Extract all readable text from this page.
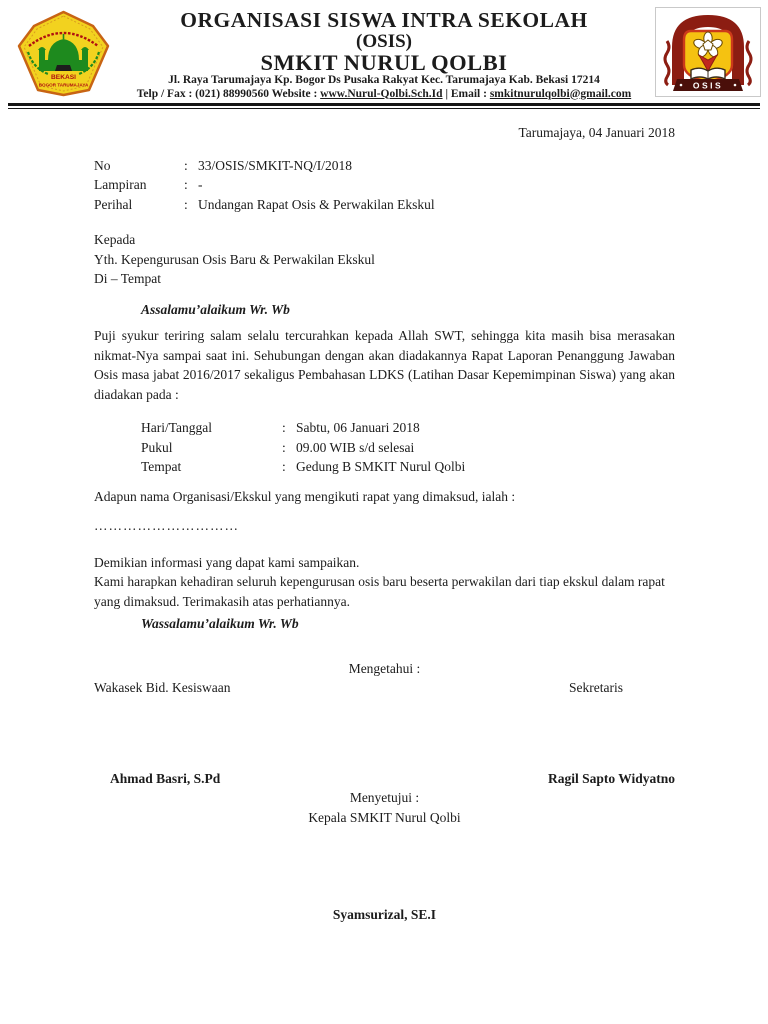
BEKASI
BOGOR TARUMAJAYA	OSIS
ORGANISASI SISWA INTRA SEKOLAH
(OSIS)
SMKIT NURUL QOLBI
Jl. Raya Tarumajaya Kp. Bogor Ds Pusaka Rakyat Kec. Tarumajaya Kab. Bekasi 17214
Telp / Fax : (021) 88990560 Website : www.Nurul-Qolbi.Sch.Id | Email : smkitnurulqolbi@gmail.com
Tarumajaya, 04 Januari 2018
No	: 33/OSIS/SMKIT-NQ/I/2018
Lampiran	: -
Perihal	: Undangan Rapat Osis & Perwakilan Ekskul
Kepada
Yth. Kepengurusan Osis Baru & Perwakilan Ekskul
Di – Tempat
Assalamu’alaikum Wr. Wb
Puji syukur teriring salam selalu tercurahkan kepada Allah SWT, sehingga kita masih bisa merasakan nikmat-Nya sampai saat ini. Sehubungan dengan akan diadakannya Rapat Laporan Penanggung Jawaban Osis masa jabat 2016/2017 sekaligus Pembahasan LDKS (Latihan Dasar Kepemimpinan Siswa) yang akan diadakan pada :
Hari/Tanggal	: Sabtu, 06 Januari 2018
Pukul	: 09.00 WIB s/d selesai
Tempat	: Gedung B SMKIT Nurul Qolbi
Adapun nama Organisasi/Ekskul yang mengikuti rapat yang dimaksud, ialah :
…………………………
Demikian informasi yang dapat kami sampaikan.
Kami harapkan kehadiran seluruh kepengurusan osis baru beserta perwakilan dari tiap ekskul dalam rapat yang dimaksud. Terimakasih atas perhatiannya.
Wassalamu’alaikum Wr. Wb
Mengetahui :
Wakasek Bid. Kesiswaan	Sekretaris
Ahmad Basri, S.Pd	Ragil Sapto Widyatno
Menyetujui :
Kepala SMKIT Nurul Qolbi
Syamsurizal, SE.I
